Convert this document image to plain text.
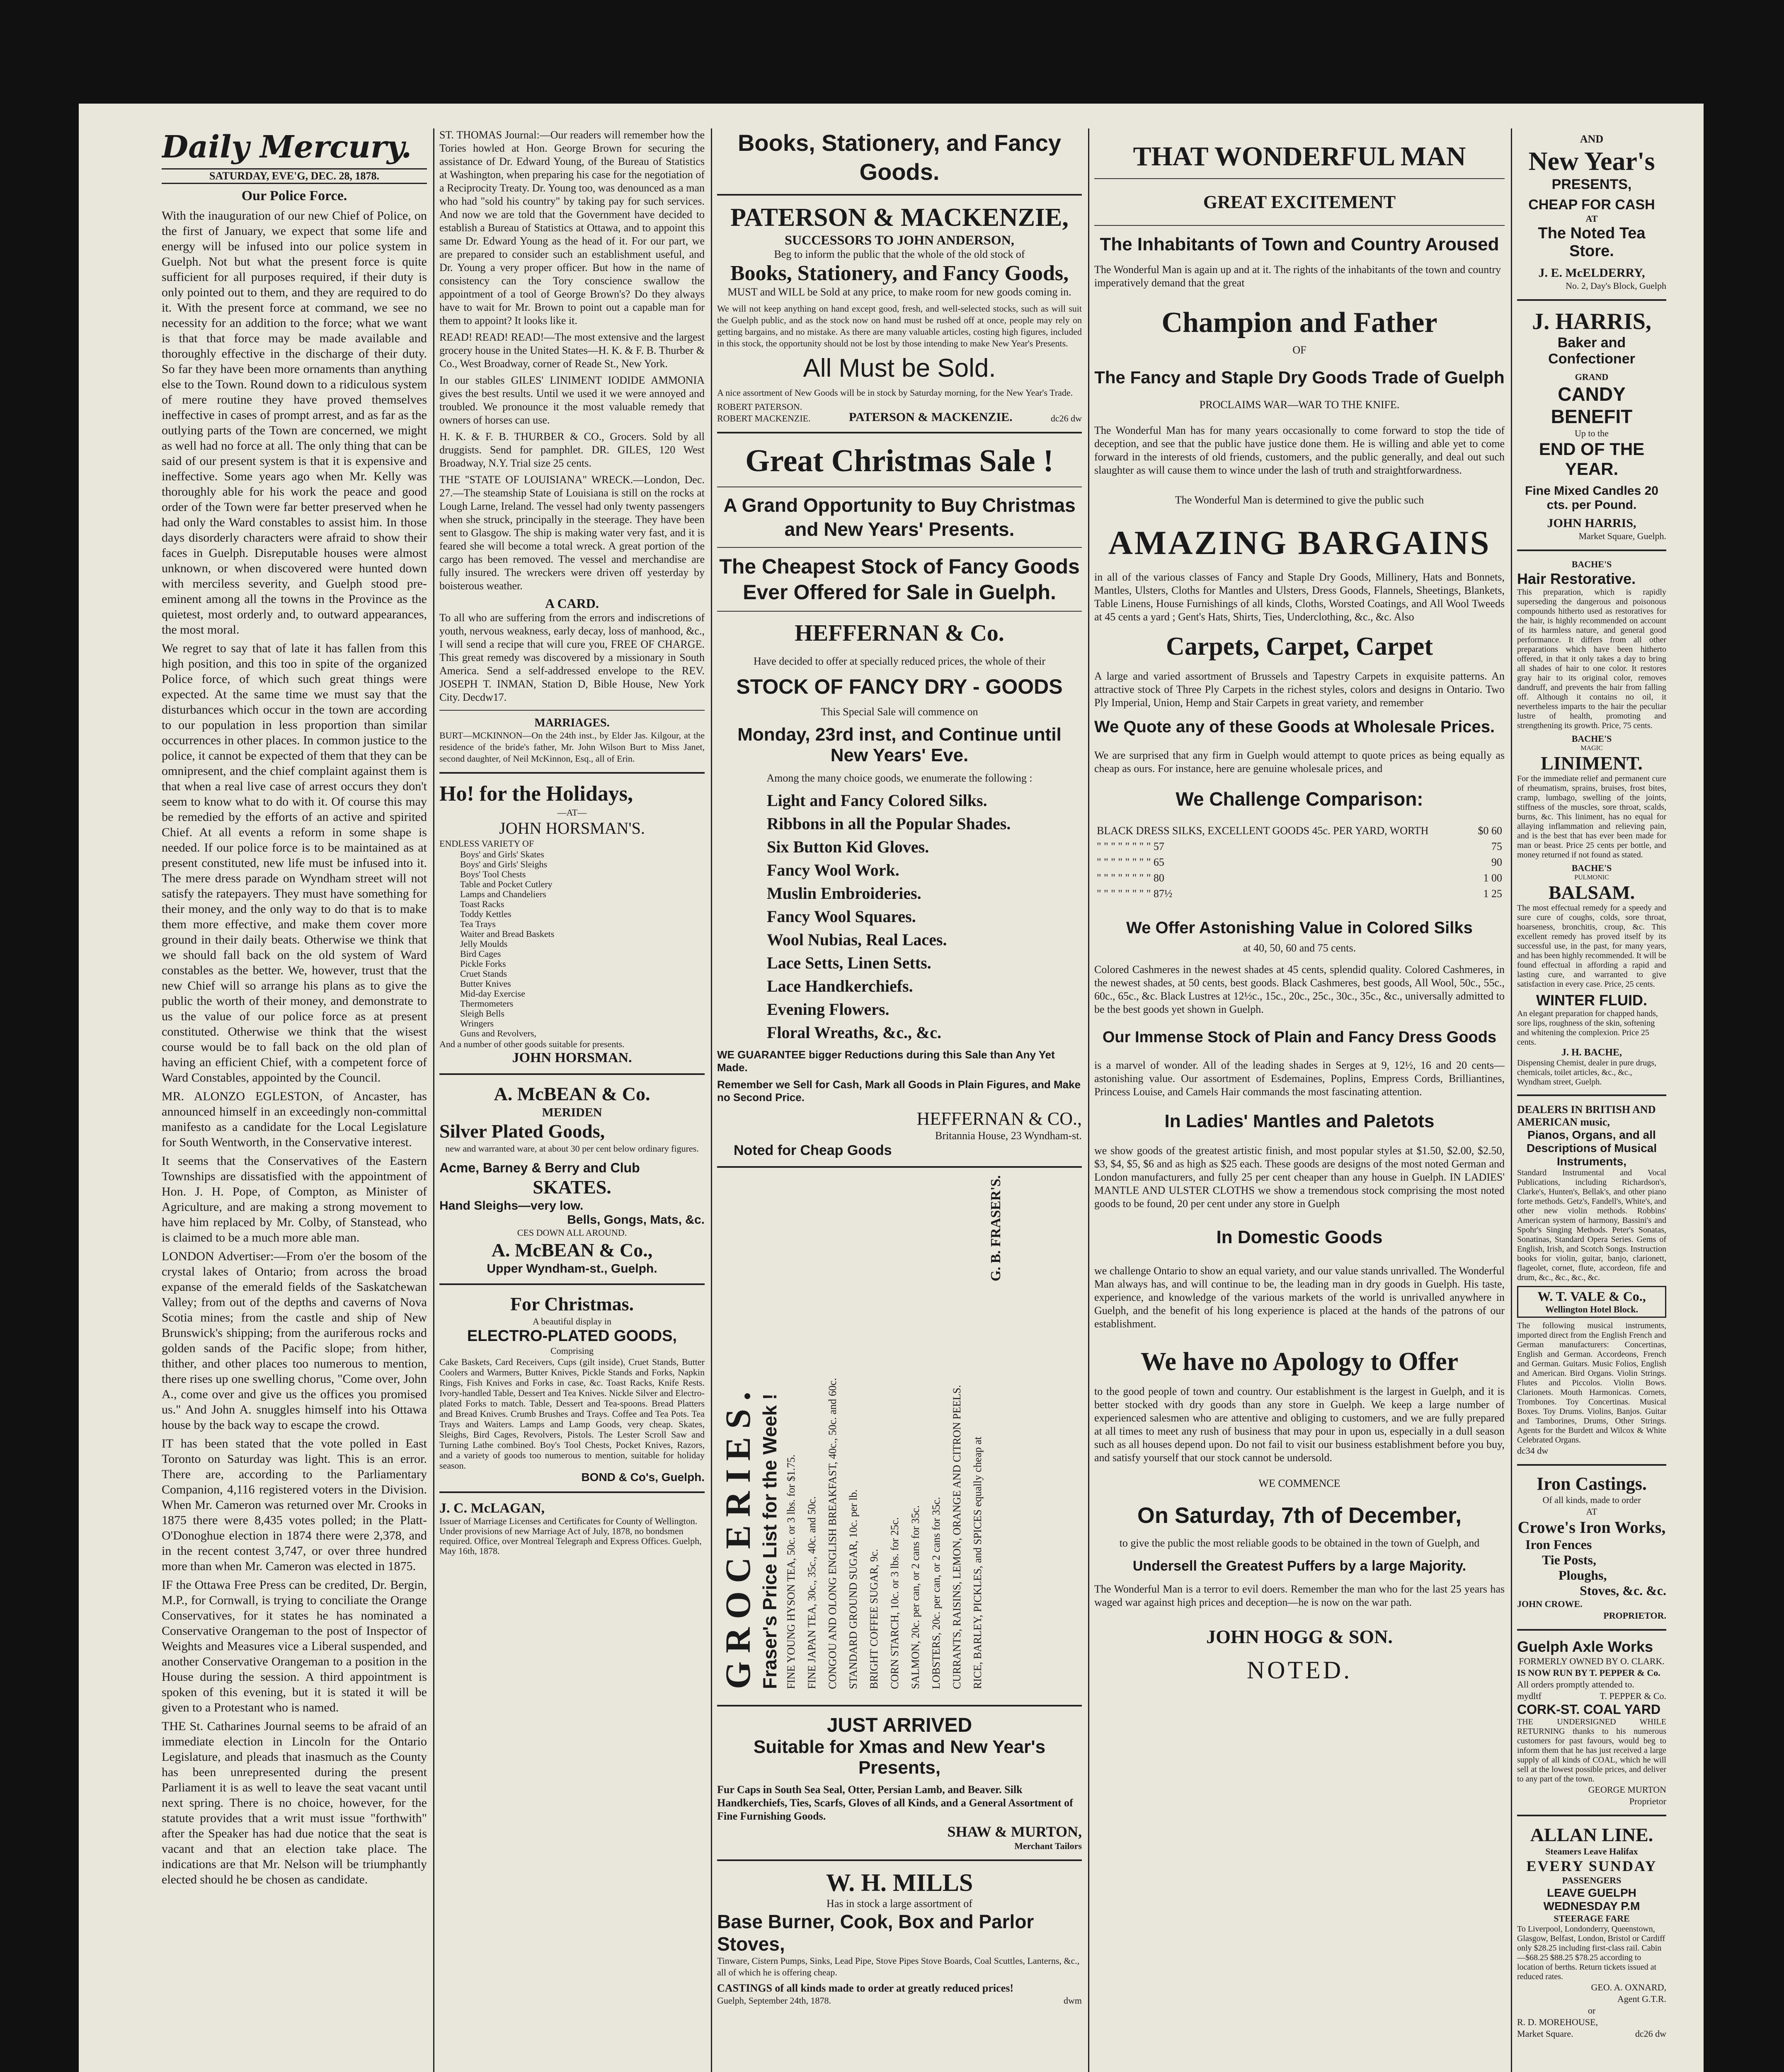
Daily Mercury.
SATURDAY, EVE'G, DEC. 28, 1878.
Our Police Force.

With the inauguration of our new Chief of Police, on the first of January, we expect that some life and energy will be infused into our police system in Guelph. Not but what the present force is quite sufficient for all purposes required, if their duty is only pointed out to them, and they are required to do it. With the present force at command, we see no necessity for an addition to the force; what we want is that that force may be made available and thoroughly effective in the discharge of their duty. So far they have been more ornaments than anything else to the Town. Round down to a ridiculous system of mere routine they have proved themselves ineffective in cases of prompt arrest, and as far as the outlying parts of the Town are concerned, we might as well had no force at all. The only thing that can be said of our present system is that it is expensive and ineffective. Some years ago when Mr. Kelly was thoroughly able for his work the peace and good order of the Town were far better preserved when he had only the Ward constables to assist him. In those days disorderly characters were afraid to show their faces in Guelph. Disreputable houses were almost unknown, or when discovered were hunted down with merciless severity, and Guelph stood pre-eminent among all the towns in the Province as the quietest, most orderly and, to outward appearances, the most moral.

We regret to say that of late it has fallen from this high position, and this too in spite of the organized Police force, of which such great things were expected. At the same time we must say that the disturbances which occur in the town are according to our population in less proportion than similar occurrences in other places. In common justice to the police, it cannot be expected of them that they can be omnipresent, and the chief complaint against them is that when a real live case of arrest occurs they don't seem to know what to do with it. Of course this may be remedied by the efforts of an active and spirited Chief. At all events a reform in some shape is needed. If our police force is to be maintained as at present constituted, new life must be infused into it. The mere dress parade on Wyndham street will not satisfy the ratepayers. They must have something for their money, and the only way to do that is to make them more effective, and make them cover more ground in their daily beats. Otherwise we think that we should fall back on the old system of Ward constables as the better. We, however, trust that the new Chief will so arrange his plans as to give the public the worth of their money, and demonstrate to us the value of our police force as at present constituted. Otherwise we think that the wisest course would be to fall back on the old plan of having an efficient Chief, with a competent force of Ward Constables, appointed by the Council.

MR. ALONZO EGLESTON, of Ancaster, has announced himself in an exceedingly non-committal manifesto as a candidate for the Local Legislature for South Wentworth, in the Conservative interest.

It seems that the Conservatives of the Eastern Townships are dissatisfied with the appointment of Hon. J. H. Pope, of Compton, as Minister of Agriculture, and are making a strong movement to have him replaced by Mr. Colby, of Stanstead, who is claimed to be a much more able man.

LONDON Advertiser:—From o'er the bosom of the crystal lakes of Ontario; from across the broad expanse of the emerald fields of the Saskatchewan Valley; from out of the depths and caverns of Nova Scotia mines; from the castle and ship of New Brunswick's shipping; from the auriferous rocks and golden sands of the Pacific slope; from hither, thither, and other places too numerous to mention, there rises up one swelling chorus, "Come over, John A., come over and give us the offices you promised us." And John A. snuggles himself into his Ottawa house by the back way to escape the crowd.

IT has been stated that the vote polled in East Toronto on Saturday was light. This is an error. There are, according to the Parliamentary Companion, 4,116 registered voters in the Division. When Mr. Cameron was returned over Mr. Crooks in 1875 there were 8,435 votes polled; in the Platt-O'Donoghue election in 1874 there were 2,378, and in the recent contest 3,747, or over three hundred more than when Mr. Cameron was elected in 1875.

IF the Ottawa Free Press can be credited, Dr. Bergin, M.P., for Cornwall, is trying to conciliate the Orange Conservatives, for it states he has nominated a Conservative Orangeman to the post of Inspector of Weights and Measures vice a Liberal suspended, and another Conservative Orangeman to a position in the House during the session. A third appointment is spoken of this evening, but it is stated it will be given to a Protestant who is named.

THE St. Catharines Journal seems to be afraid of an immediate election in Lincoln for the Ontario Legislature, and pleads that inasmuch as the County has been unrepresented during the present Parliament it is as well to leave the seat vacant until next spring. There is no choice, however, for the statute provides that a writ must issue "forthwith" after the Speaker has had due notice that the seat is vacant and that an election take place. The indications are that Mr. Nelson will be triumphantly elected should he be chosen as candidate.

ST. THOMAS Journal:—Our readers will remember how the Tories howled at Hon. George Brown for securing the assistance of Dr. Edward Young, of the Bureau of Statistics at Washington, when preparing his case for the negotiation of a Reciprocity Treaty. Dr. Young too, was denounced as a man who had "sold his country" by taking pay for such services. And now we are told that the Government have decided to establish a Bureau of Statistics at Ottawa, and to appoint this same Dr. Edward Young as the head of it. For our part, we are prepared to consider such an establishment useful, and Dr. Young a very proper officer. But how in the name of consistency can the Tory conscience swallow the appointment of a tool of George Brown's? Do they always have to wait for Mr. Brown to point out a capable man for them to appoint? It looks like it.

READ! READ! READ!—The most extensive and the largest grocery house in the United States—H. K. & F. B. Thurber & Co., West Broadway, corner of Reade St., New York.

In our stables GILES' LINIMENT IODIDE AMMONIA gives the best results. Until we used it we were annoyed and troubled. We pronounce it the most valuable remedy that owners of horses can use.

H. K. & F. B. THURBER & CO., Grocers. Sold by all druggists. Send for pamphlet. DR. GILES, 120 West Broadway, N.Y. Trial size 25 cents.

THE "STATE OF LOUISIANA" WRECK.—London, Dec. 27.—The steamship State of Louisiana is still on the rocks at Lough Larne, Ireland. The vessel had only twenty passengers when she struck, principally in the steerage. They have been sent to Glasgow. The ship is making water very fast, and it is feared she will become a total wreck. A great portion of the cargo has been removed. The vessel and merchandise are fully insured. The wreckers were driven off yesterday by boisterous weather.

A CARD.
To all who are suffering from the errors and indiscretions of youth, nervous weakness, early decay, loss of manhood, &c., I will send a recipe that will cure you, FREE OF CHARGE. This great remedy was discovered by a missionary in South America. Send a self-addressed envelope to the REV. JOSEPH T. INMAN, Station D, Bible House, New York City. Decdw17.
MARRIAGES.
BURT—MCKINNON—On the 24th inst., by Elder Jas. Kilgour, at the residence of the bride's father, Mr. John Wilson Burt to Miss Janet, second daughter, of Neil McKinnon, Esq., all of Erin.
Ho! for the Holidays,
—AT—
JOHN HORSMAN'S.
ENDLESS VARIETY OF
Boys' and Girls' Skates
Boys' and Girls' Sleighs
Boys' Tool Chests
Table and Pocket Cutlery
Lamps and Chandeliers
Toast Racks
Toddy Kettles
Tea Trays
Waiter and Bread Baskets
Jelly Moulds
Bird Cages
Pickle Forks
Cruet Stands
Butter Knives
Mid-day Exercise
Thermometers
Sleigh Bells
Wringers
Guns and Revolvers,
And a number of other goods suitable for presents.
JOHN HORSMAN.
A. McBEAN & Co.
MERIDEN
Silver Plated Goods,
new and warranted ware, at about 30 per cent below ordinary figures.
Acme, Barney & Berry and Club
SKATES.
Hand Sleighs—very low.
Bells, Gongs, Mats, &c.
CES DOWN ALL AROUND.
A. McBEAN & Co.,
Upper Wyndham-st., Guelph.
For Christmas.
A beautiful display in
ELECTRO-PLATED GOODS,
Comprising
Cake Baskets, Card Receivers, Cups (gilt inside), Cruet Stands, Butter Coolers and Warmers, Butter Knives, Pickle Stands and Forks, Napkin Rings, Fish Knives and Forks in case, &c. Toast Racks, Knife Rests. Ivory-handled Table, Dessert and Tea Knives. Nickle Silver and Electro-plated Forks to match. Table, Dessert and Tea-spoons. Bread Platters and Bread Knives. Crumb Brushes and Trays. Coffee and Tea Pots. Tea Trays and Waiters. Lamps and Lamp Goods, very cheap. Skates, Sleighs, Bird Cages, Revolvers, Pistols. The Lester Scroll Saw and Turning Lathe combined. Boy's Tool Chests, Pocket Knives, Razors, and a variety of goods too numerous to mention, suitable for holiday season.
BOND & Co's, Guelph.
J. C. McLAGAN,
Issuer of Marriage Licenses and Certificates for County of Wellington. Under provisions of new Marriage Act of July, 1878, no bondsmen required. Office, over Montreal Telegraph and Express Offices. Guelph, May 16th, 1878.
Books, Stationery, and Fancy Goods.
PATERSON & MACKENZIE,
SUCCESSORS TO JOHN ANDERSON,
Beg to inform the public that the whole of the old stock of
Books, Stationery, and Fancy Goods,
MUST and WILL be Sold at any price, to make room for new goods coming in.
We will not keep anything on hand except good, fresh, and well-selected stocks, such as will suit the Guelph public, and as the stock now on hand must be rushed off at once, people may rely on getting bargains, and no mistake. As there are many valuable articles, costing high figures, included in this stock, the opportunity should not be lost by those intending to make New Year's Presents.
All Must be Sold.
A nice assortment of New Goods will be in stock by Saturday morning, for the New Year's Trade.
ROBERT PATERSON.
ROBERT MACKENZIE.	PATERSON & MACKENZIE.	dc26 dw
Great Christmas Sale !
A Grand Opportunity to Buy Christmas and New Years' Presents.
The Cheapest Stock of Fancy Goods Ever Offered for Sale in Guelph.
HEFFERNAN & Co.
Have decided to offer at specially reduced prices, the whole of their
STOCK OF FANCY DRY - GOODS
This Special Sale will commence on
Monday, 23rd inst, and Continue until New Years' Eve.
Among the many choice goods, we enumerate the following :
Light and Fancy Colored Silks.
Ribbons in all the Popular Shades.
Six Button Kid Gloves.
Fancy Wool Work.
Muslin Embroideries.
Fancy Wool Squares.
Wool Nubias, Real Laces.
Lace Setts, Linen Setts.
Lace Handkerchiefs.
Evening Flowers.
Floral Wreaths, &c., &c.
WE GUARANTEE bigger Reductions during this Sale than Any Yet Made.
Remember we Sell for Cash, Mark all Goods in Plain Figures, and Make no Second Price.
HEFFERNAN & CO.,
Britannia House, 23 Wyndham-st.
Noted for Cheap Goods
GROCERIES. Fraser's Price List for the Week ! FINE YOUNG HYSON TEA, 50c. or 3 lbs. for $1.75. FINE JAPAN TEA, 30c., 35c., 40c. and 50c. CONGOU AND OLONG ENGLISH BREAKFAST, 40c., 50c. and 60c. STANDARD GROUND SUGAR, 10c. per lb. BRIGHT COFFEE SUGAR, 9c. CORN STARCH, 10c. or 3 lbs. for 25c. SALMON, 20c. per can, or 2 cans for 35c. LOBSTERS, 20c. per can, or 2 cans for 35c. CURRANTS, RAISINS, LEMON, ORANGE AND CITRON PEELS. RICE, BARLEY, PICKLES, and SPICES equally cheap at
G. B. FRASER'S.
JUST ARRIVED
Suitable for Xmas and New Year's Presents,
Fur Caps in South Sea Seal, Otter, Persian Lamb, and Beaver. Silk Handkerchiefs, Ties, Scarfs, Gloves of all Kinds, and a General Assortment of Fine Furnishing Goods.
SHAW & MURTON,
Merchant Tailors
W. H. MILLS
Has in stock a large assortment of
Base Burner, Cook, Box and Parlor Stoves,
Tinware, Cistern Pumps, Sinks, Lead Pipe, Stove Pipes Stove Boards, Coal Scuttles, Lanterns, &c., all of which he is offering cheap.
CASTINGS of all kinds made to order at greatly reduced prices!
Guelph, September 24th, 1878.	dwm
THAT WONDERFUL MAN
GREAT EXCITEMENT
The Inhabitants of Town and Country Aroused
The Wonderful Man is again up and at it. The rights of the inhabitants of the town and country imperatively demand that the great
Champion and Father
OF
The Fancy and Staple Dry Goods Trade of Guelph
PROCLAIMS WAR—WAR TO THE KNIFE.
The Wonderful Man has for many years occasionally to come forward to stop the tide of deception, and see that the public have justice done them. He is willing and able yet to come forward in the interests of old friends, customers, and the public generally, and deal out such slaughter as will cause them to wince under the lash of truth and straightforwardness.
The Wonderful Man is determined to give the public such
AMAZING BARGAINS
in all of the various classes of Fancy and Staple Dry Goods, Millinery, Hats and Bonnets, Mantles, Ulsters, Cloths for Mantles and Ulsters, Dress Goods, Flannels, Sheetings, Blankets, Table Linens, House Furnishings of all kinds, Cloths, Worsted Coatings, and All Wool Tweeds at 45 cents a yard ; Gent's Hats, Shirts, Ties, Underclothing, &c., &c. Also
Carpets, Carpet, Carpet
A large and varied assortment of Brussels and Tapestry Carpets in exquisite patterns. An attractive stock of Three Ply Carpets in the richest styles, colors and designs in Ontario. Two Ply Imperial, Union, Hemp and Stair Carpets in great variety, and remember
We Quote any of these Goods at Wholesale Prices.
We are surprised that any firm in Guelph would attempt to quote prices as being equally as cheap as ours. For instance, here are genuine wholesale prices, and
We Challenge Comparison:
BLACK DRESS SILKS, EXCELLENT GOODS 45c. PER YARD, WORTH	$0 60
" " " " " " " " 57	75
" " " " " " " " 65	90
" " " " " " " " 80	1 00
" " " " " " " " 87½	1 25
We Offer Astonishing Value in Colored Silks
at 40, 50, 60 and 75 cents.
Colored Cashmeres in the newest shades at 45 cents, splendid quality. Colored Cashmeres, in the newest shades, at 50 cents, best goods. Black Cashmeres, best goods, All Wool, 50c., 55c., 60c., 65c., &c. Black Lustres at 12½c., 15c., 20c., 25c., 30c., 35c., &c., universally admitted to be the best goods yet shown in Guelph.
Our Immense Stock of Plain and Fancy Dress Goods
is a marvel of wonder. All of the leading shades in Serges at 9, 12½, 16 and 20 cents—astonishing value. Our assortment of Esdemaines, Poplins, Empress Cords, Brilliantines, Princess Louise, and Camels Hair commands the most fascinating attention.
In Ladies' Mantles and Paletots
we show goods of the greatest artistic finish, and most popular styles at $1.50, $2.00, $2.50, $3, $4, $5, $6 and as high as $25 each. These goods are designs of the most noted German and London manufacturers, and fully 25 per cent cheaper than any house in Guelph. IN LADIES' MANTLE AND ULSTER CLOTHS we show a tremendous stock comprising the most noted goods to be found, 20 per cent under any store in Guelph
In Domestic Goods
we challenge Ontario to show an equal variety, and our value stands unrivalled. The Wonderful Man always has, and will continue to be, the leading man in dry goods in Guelph. His taste, experience, and knowledge of the various markets of the world is unrivalled anywhere in Guelph, and the benefit of his long experience is placed at the hands of the patrons of our establishment.
We have no Apology to Offer
to the good people of town and country. Our establishment is the largest in Guelph, and it is better stocked with dry goods than any store in Guelph. We keep a large number of experienced salesmen who are attentive and obliging to customers, and we are fully prepared at all times to meet any rush of business that may pour in upon us, especially in a dull season such as all houses depend upon. Do not fail to visit our business establishment before you buy, and satisfy yourself that our stock cannot be undersold.
WE COMMENCE
On Saturday, 7th of December,
to give the public the most reliable goods to be obtained in the town of Guelph, and
Undersell the Greatest Puffers by a large Majority.
The Wonderful Man is a terror to evil doers. Remember the man who for the last 25 years has waged war against high prices and deception—he is now on the war path.
JOHN HOGG & SON.
NOTED.
AND
New Year's
PRESENTS,
CHEAP FOR CASH
AT
The Noted Tea Store.
J. E. McELDERRY,
No. 2, Day's Block, Guelph
J. HARRIS,
Baker and Confectioner
GRAND
CANDY BENEFIT
Up to the
END OF THE YEAR.
Fine Mixed Candles 20 cts. per Pound.
JOHN HARRIS,
Market Square, Guelph.
BACHE'S
Hair Restorative.
This preparation, which is rapidly superseding the dangerous and poisonous compounds hitherto used as restoratives for the hair, is highly recommended on account of its harmless nature, and general good performance. It differs from all other preparations which have been hitherto offered, in that it only takes a day to bring all shades of hair to one color. It restores gray hair to its original color, removes dandruff, and prevents the hair from falling off. Although it contains no oil, it nevertheless imparts to the hair the peculiar lustre of health, promoting and strengthening its growth. Price, 75 cents.
BACHE'S
MAGIC
LINIMENT.
For the immediate relief and permanent cure of rheumatism, sprains, bruises, frost bites, cramp, lumbago, swelling of the joints, stiffness of the muscles, sore throat, scalds, burns, &c. This liniment, has no equal for allaying inflammation and relieving pain, and is the best that has ever been made for man or beast. Price 25 cents per bottle, and money returned if not found as stated.
BACHE'S
PULMONIC
BALSAM.
The most effectual remedy for a speedy and sure cure of coughs, colds, sore throat, hoarseness, bronchitis, croup, &c. This excellent remedy has proved itself by its successful use, in the past, for many years, and has been highly recommended. It will be found effectual in affording a rapid and lasting cure, and warranted to give satisfaction in every case. Price, 25 cents.
WINTER FLUID.
An elegant preparation for chapped hands, sore lips, roughness of the skin, softening and whitening the complexion. Price 25 cents.
J. H. BACHE,
Dispensing Chemist, dealer in pure drugs, chemicals, toilet articles, &c., &c., Wyndham street, Guelph.
DEALERS IN BRITISH AND AMERICAN music,
Pianos, Organs, and all Descriptions of Musical Instruments,
Standard Instrumental and Vocal Publications, including Richardson's, Clarke's, Hunten's, Bellak's, and other piano forte methods. Getz's, Fandell's, White's, and other new violin methods. Robbins' American system of harmony, Bassini's and Spohr's Singing Methods. Peter's Sonatas, Sonatinas, Standard Opera Series. Gems of English, Irish, and Scotch Songs. Instruction books for violin, guitar, banjo, clarionett, flageolet, cornet, flute, accordeon, fife and drum, &c., &c., &c., &c.
W. T. VALE & Co.,
Wellington Hotel Block.
The following musical instruments, imported direct from the English French and German manufacturers: Concertinas, English and German. Accordeons, French and German. Guitars. Music Folios, English and American. Bird Organs. Violin Strings. Flutes and Piccolos. Violin Bows. Clarionets. Mouth Harmonicas. Cornets, Trombones. Toy Concertinas. Musical Boxes. Toy Drums. Violins, Banjos. Guitar and Tamborines, Drums, Other Strings. Agents for the Burdett and Wilcox & White Celebrated Organs.
dc34 dw
Iron Castings.
Of all kinds, made to order
AT
Crowe's Iron Works,
Iron Fences
Tie Posts,
Ploughs,
Stoves, &c. &c.
JOHN CROWE.
PROPRIETOR.
Guelph Axle Works
FORMERLY OWNED BY O. CLARK.
IS NOW RUN BY T. PEPPER & Co.
All orders promptly attended to.
mydltf	T. PEPPER & Co.
CORK-ST. COAL YARD
THE UNDERSIGNED WHILE RETURNING thanks to his numerous customers for past favours, would beg to inform them that he has just received a large supply of all kinds of COAL, which he will sell at the lowest possible prices, and deliver to any part of the town.
GEORGE MURTON
Proprietor
ALLAN LINE.
Steamers Leave Halifax
EVERY SUNDAY
PASSENGERS
LEAVE GUELPH WEDNESDAY P.M
STEERAGE FARE
To Liverpool, Londonderry, Queenstown, Glasgow, Belfast, London, Bristol or Cardiff only $28.25 including first-class rail. Cabin—$68.25 $88.25 $78.25 according to location of berths. Return tickets issued at reduced rates.
GEO. A. OXNARD,
Agent G.T.R.
or
R. D. MOREHOUSE,
Market Square.	dc26 dw
